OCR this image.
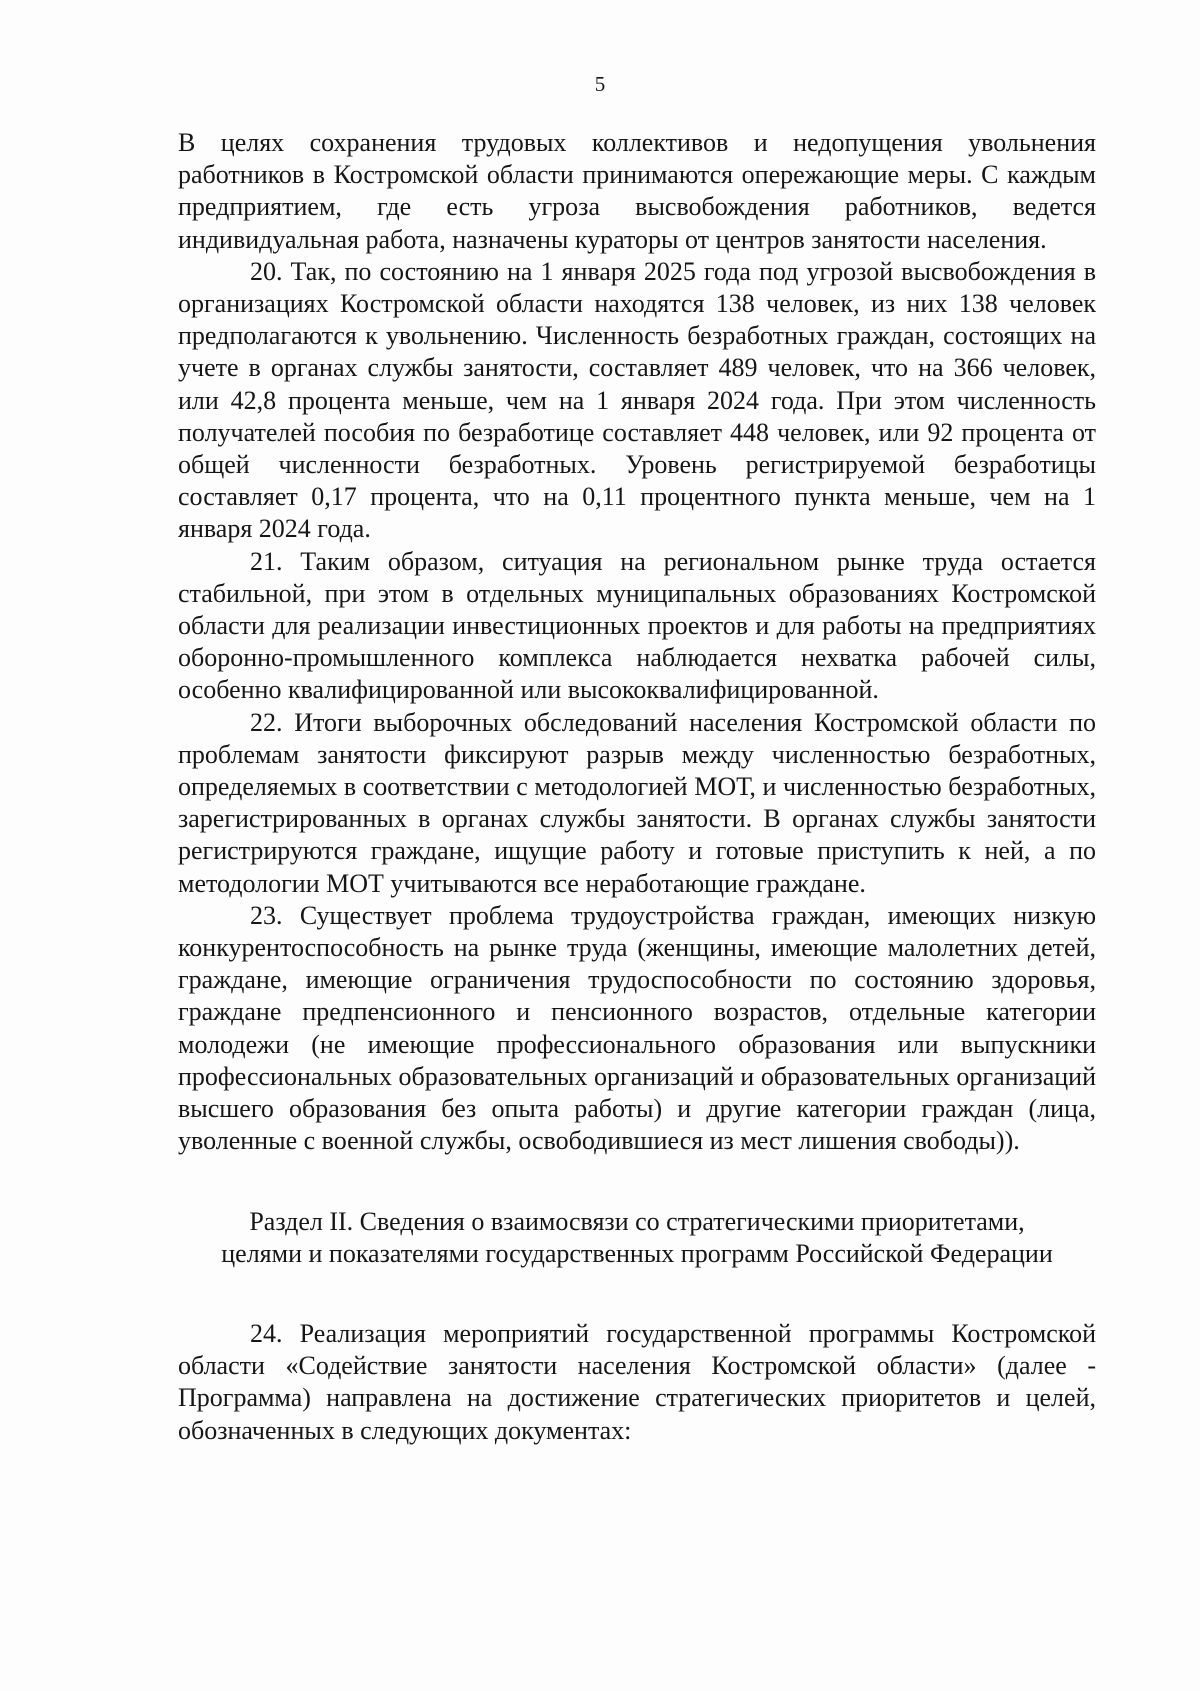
5

В целях сохранения трудовых коллективов и недопущения увольнения работников в Костромской области принимаются опережающие меры. С каждым предприятием, где есть угроза высвобождения работников, ведется индивидуальная работа, назначены кураторы от центров занятости населения.

20. Так, по состоянию на 1 января 2025 года под угрозой высвобождения в организациях Костромской области находятся 138 человек, из них 138 человек предполагаются к увольнению. Численность безработных граждан, состоящих на учете в органах службы занятости, составляет 489 человек, что на 366 человек, или 42,8 процента меньше, чем на 1 января 2024 года. При этом численность получателей пособия по безработице составляет 448 человек, или 92 процента от общей численности безработных. Уровень регистрируемой безработицы составляет 0,17 процента, что на 0,11 процентного пункта меньше, чем на 1 января 2024 года.

21. Таким образом, ситуация на региональном рынке труда остается стабильной, при этом в отдельных муниципальных образованиях Костромской области для реализации инвестиционных проектов и для работы на предприятиях оборонно-промышленного комплекса наблюдается нехватка рабочей силы, особенно квалифицированной или высококвалифицированной.

22. Итоги выборочных обследований населения Костромской области по проблемам занятости фиксируют разрыв между численностью безработных, определяемых в соответствии с методологией МОТ, и численностью безработных, зарегистрированных в органах службы занятости. В органах службы занятости регистрируются граждане, ищущие работу и готовые приступить к ней, а по методологии МОТ учитываются все неработающие граждане.

23. Существует проблема трудоустройства граждан, имеющих низкую конкурентоспособность на рынке труда (женщины, имеющие малолетних детей, граждане, имеющие ограничения трудоспособности по состоянию здоровья, граждане предпенсионного и пенсионного возрастов, отдельные категории молодежи (не имеющие профессионального образования или выпускники профессиональных образовательных организаций и образовательных организаций высшего образования без опыта работы) и другие категории граждан (лица, уволенные с военной службы, освободившиеся из мест лишения свободы)).

Раздел II. Сведения о взаимосвязи со стратегическими приоритетами,
целями и показателями государственных программ Российской Федерации

24. Реализация мероприятий государственной программы Костромской области «Содействие занятости населения Костромской области» (далее - Программа) направлена на достижение стратегических приоритетов и целей, обозначенных в следующих документах:
